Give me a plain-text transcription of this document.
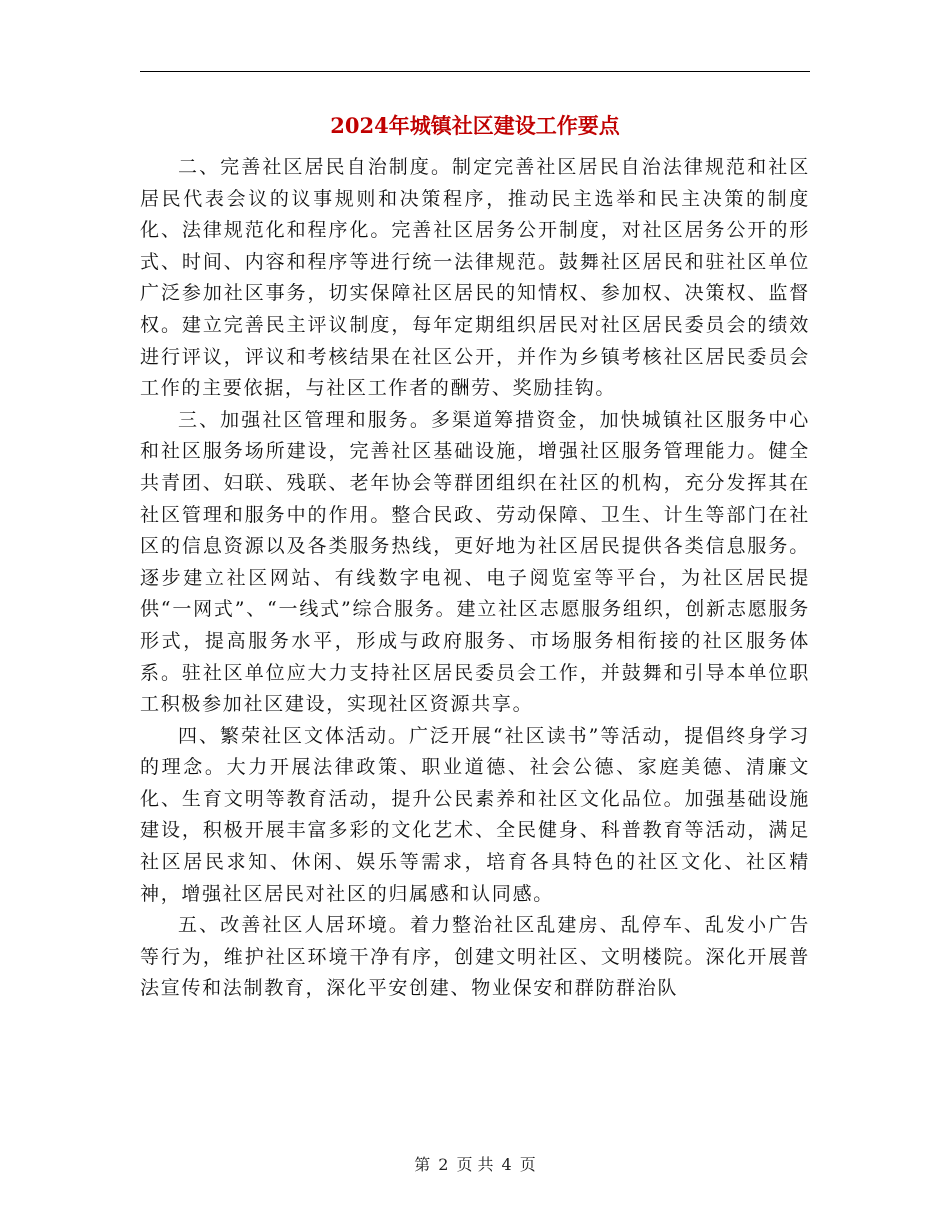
2024年城镇社区建设工作要点

二、完善社区居民自治制度。制定完善社区居民自治法律规范和社区居民代表会议的议事规则和决策程序，推动民主选举和民主决策的制度化、法律规范化和程序化。完善社区居务公开制度，对社区居务公开的形式、时间、内容和程序等进行统一法律规范。鼓舞社区居民和驻社区单位广泛参加社区事务，切实保障社区居民的知情权、参加权、决策权、监督权。建立完善民主评议制度，每年定期组织居民对社区居民委员会的绩效进行评议，评议和考核结果在社区公开，并作为乡镇考核社区居民委员会工作的主要依据，与社区工作者的酬劳、奖励挂钩。

三、加强社区管理和服务。多渠道筹措资金，加快城镇社区服务中心和社区服务场所建设，完善社区基础设施，增强社区服务管理能力。健全共青团、妇联、残联、老年协会等群团组织在社区的机构，充分发挥其在社区管理和服务中的作用。整合民政、劳动保障、卫生、计生等部门在社区的信息资源以及各类服务热线，更好地为社区居民提供各类信息服务。逐步建立社区网站、有线数字电视、电子阅览室等平台，为社区居民提供“一网式”、“一线式”综合服务。建立社区志愿服务组织，创新志愿服务形式，提高服务水平，形成与政府服务、市场服务相衔接的社区服务体系。驻社区单位应大力支持社区居民委员会工作，并鼓舞和引导本单位职工积极参加社区建设，实现社区资源共享。

四、繁荣社区文体活动。广泛开展“社区读书”等活动，提倡终身学习的理念。大力开展法律政策、职业道德、社会公德、家庭美德、清廉文化、生育文明等教育活动，提升公民素养和社区文化品位。加强基础设施建设，积极开展丰富多彩的文化艺术、全民健身、科普教育等活动，满足社区居民求知、休闲、娱乐等需求，培育各具特色的社区文化、社区精神，增强社区居民对社区的归属感和认同感。

五、改善社区人居环境。着力整治社区乱建房、乱停车、乱发小广告等行为，维护社区环境干净有序，创建文明社区、文明楼院。深化开展普法宣传和法制教育，深化平安创建、物业保安和群防群治队

第 2 页 共 4 页
